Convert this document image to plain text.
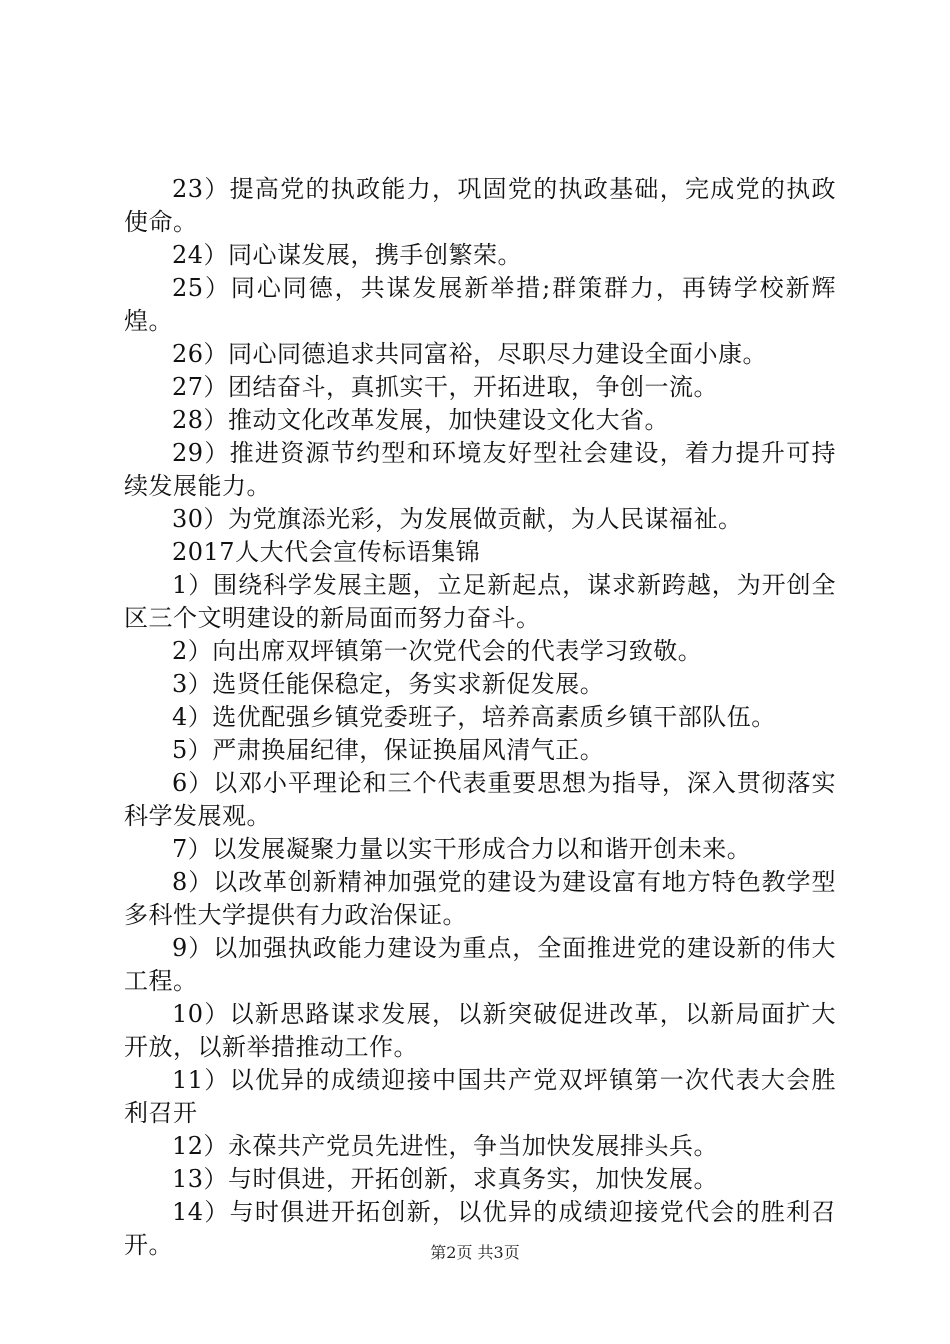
23）提高党的执政能力，巩固党的执政基础，完成党的执政使命。

24）同心谋发展，携手创繁荣。

25）同心同德，共谋发展新举措;群策群力，再铸学校新辉煌。

26）同心同德追求共同富裕，尽职尽力建设全面小康。

27）团结奋斗，真抓实干，开拓进取，争创一流。

28）推动文化改革发展，加快建设文化大省。

29）推进资源节约型和环境友好型社会建设，着力提升可持续发展能力。

30）为党旗添光彩，为发展做贡献，为人民谋福祉。

2017人大代会宣传标语集锦

1）围绕科学发展主题，立足新起点，谋求新跨越，为开创全区三个文明建设的新局面而努力奋斗。

2）向出席双坪镇第一次党代会的代表学习致敬。

3）选贤任能保稳定，务实求新促发展。

4）选优配强乡镇党委班子，培养高素质乡镇干部队伍。

5）严肃换届纪律，保证换届风清气正。

6）以邓小平理论和三个代表重要思想为指导，深入贯彻落实科学发展观。

7）以发展凝聚力量以实干形成合力以和谐开创未来。

8）以改革创新精神加强党的建设为建设富有地方特色教学型多科性大学提供有力政治保证。

9）以加强执政能力建设为重点，全面推进党的建设新的伟大工程。

10）以新思路谋求发展，以新突破促进改革，以新局面扩大开放，以新举措推动工作。

11）以优异的成绩迎接中国共产党双坪镇第一次代表大会胜利召开

12）永葆共产党员先进性，争当加快发展排头兵。

13）与时俱进，开拓创新，求真务实，加快发展。

14）与时俱进开拓创新，以优异的成绩迎接党代会的胜利召开。	第2页 共3页
